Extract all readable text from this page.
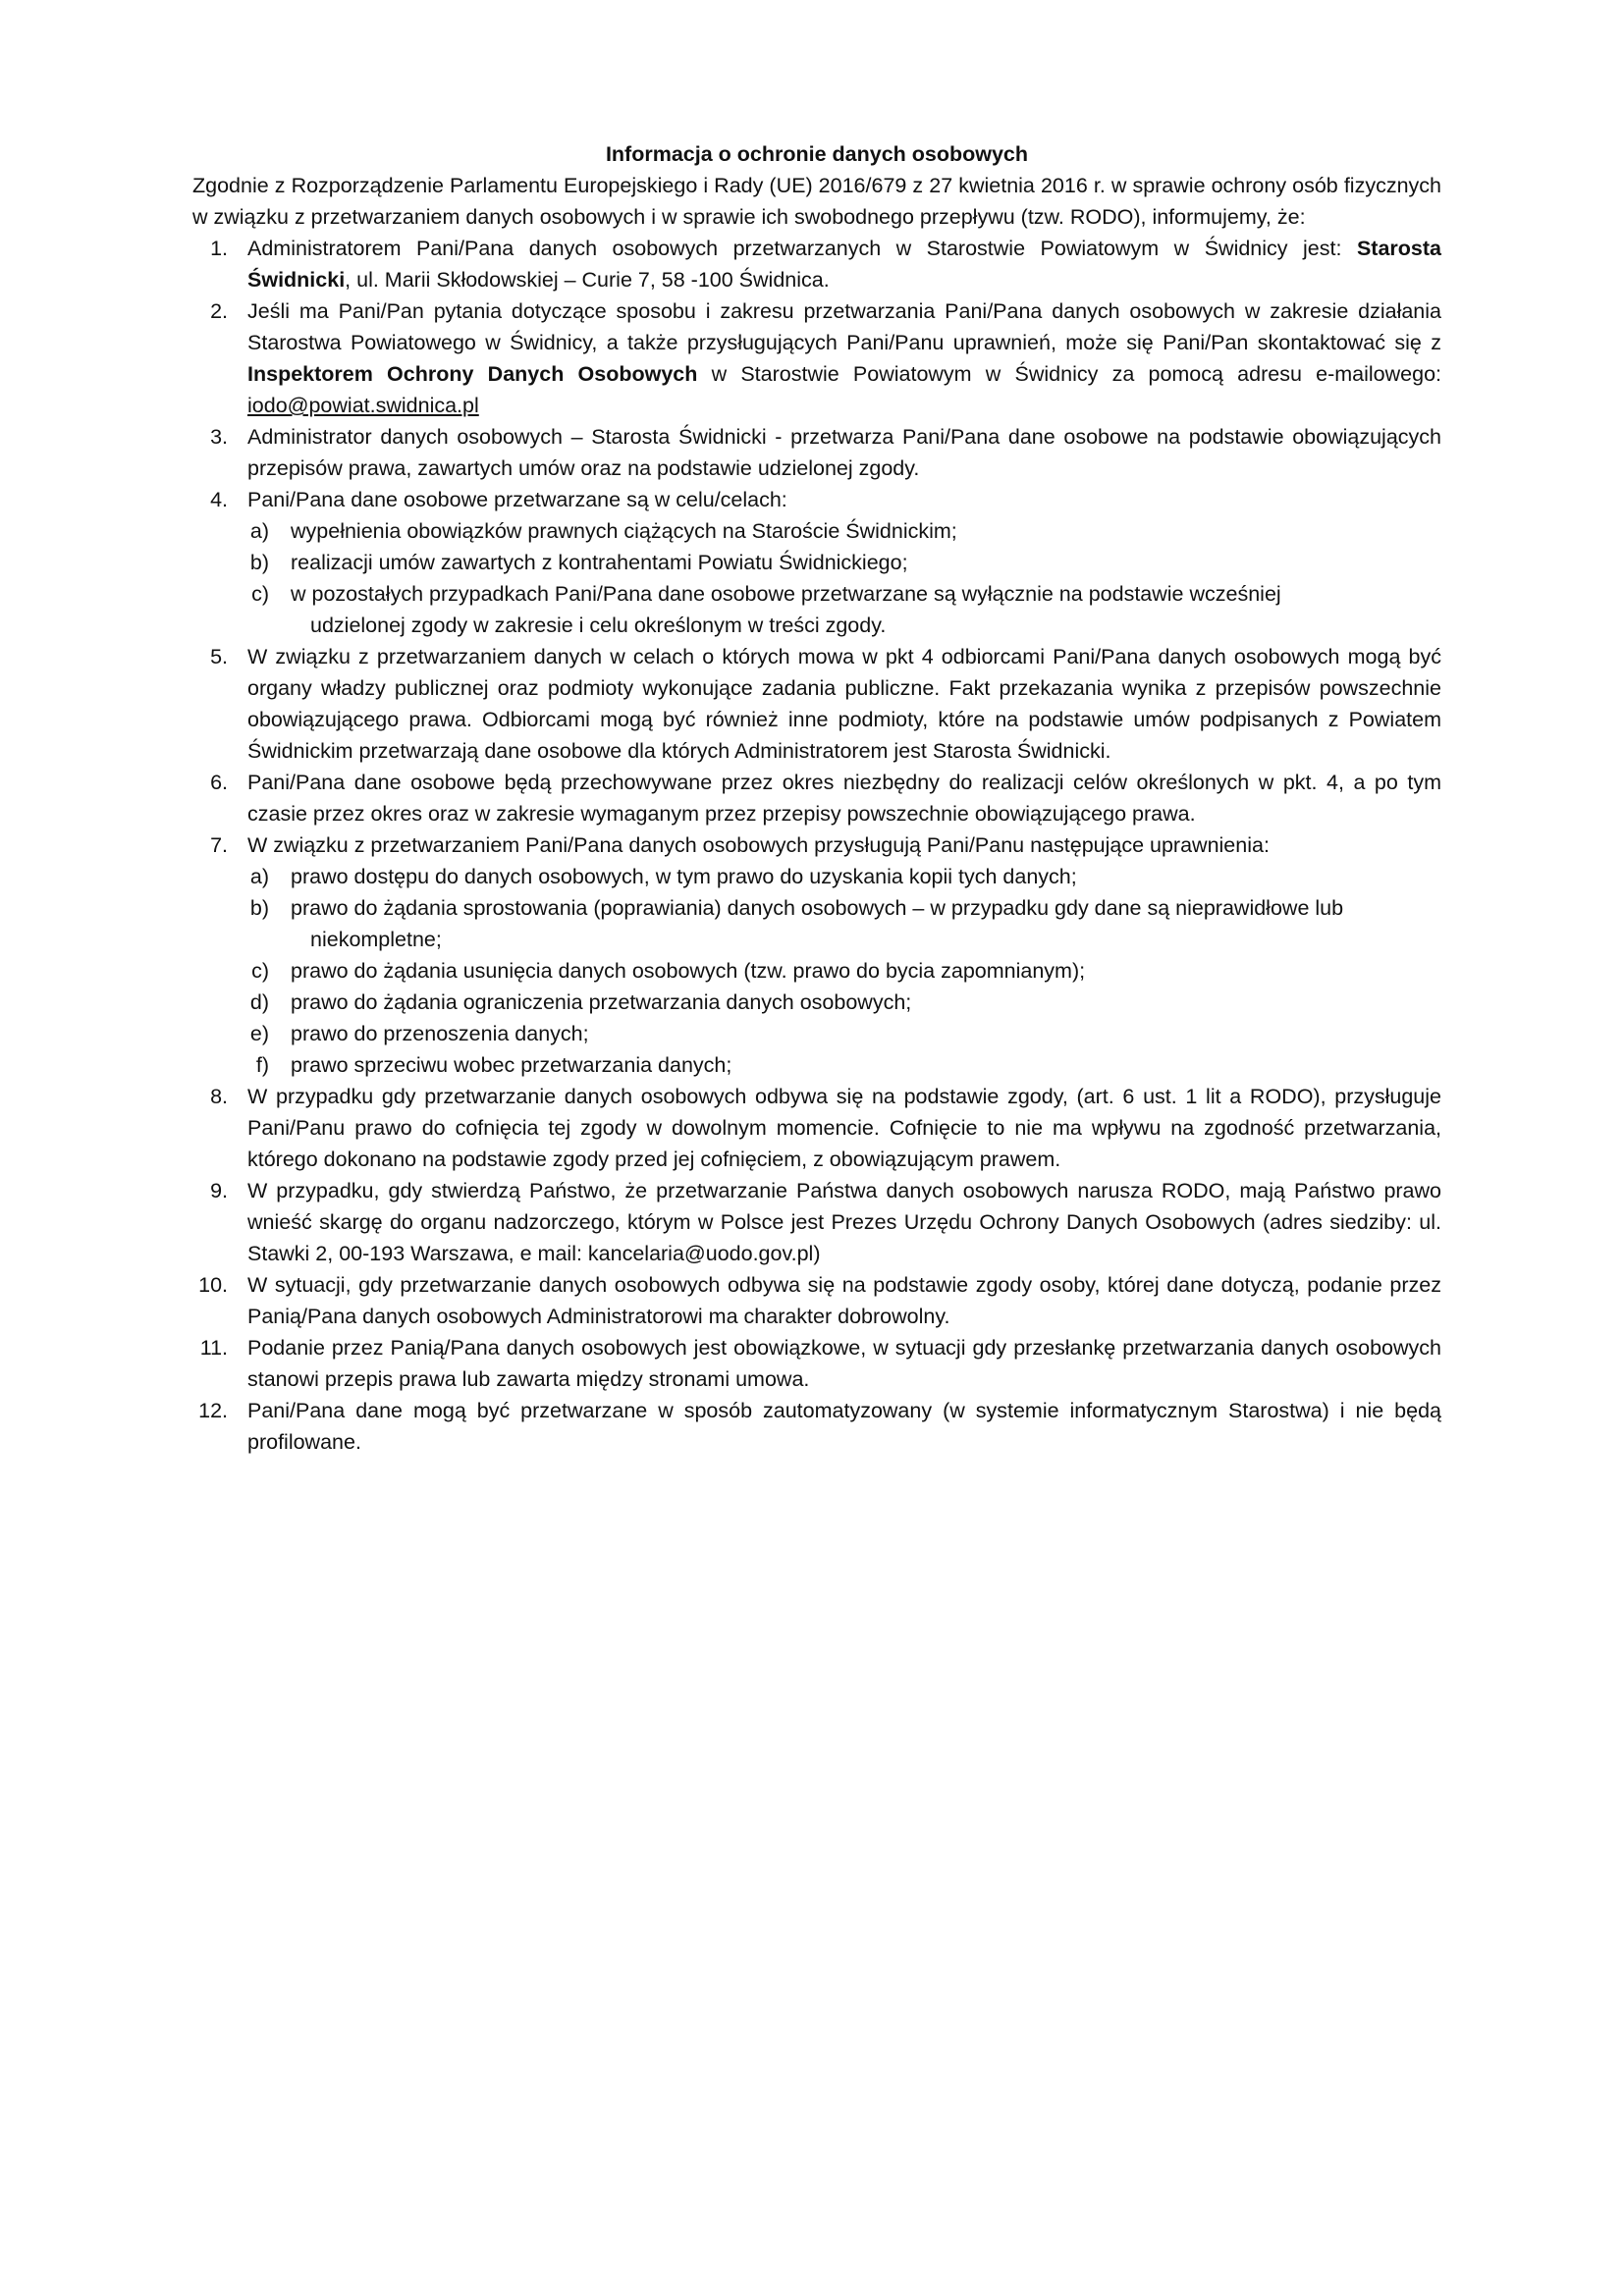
Informacja o ochronie danych osobowych

Zgodnie z Rozporządzenie Parlamentu Europejskiego i Rady (UE) 2016/679 z 27 kwietnia 2016 r. w sprawie ochrony osób fizycznych w związku z przetwarzaniem danych osobowych i w sprawie ich swobodnego przepływu (tzw. RODO), informujemy, że:

1. Administratorem Pani/Pana danych osobowych przetwarzanych w Starostwie Powiatowym w Świdnicy jest: Starosta Świdnicki, ul. Marii Skłodowskiej – Curie 7, 58 -100 Świdnica.
2. Jeśli ma Pani/Pan pytania dotyczące sposobu i zakresu przetwarzania Pani/Pana danych osobowych w zakresie działania Starostwa Powiatowego w Świdnicy, a także przysługujących Pani/Panu uprawnień, może się Pani/Pan skontaktować się z Inspektorem Ochrony Danych Osobowych w Starostwie Powiatowym w Świdnicy za pomocą adresu e-mailowego: iodo@powiat.swidnica.pl
3. Administrator danych osobowych – Starosta Świdnicki - przetwarza Pani/Pana dane osobowe na podstawie obowiązujących przepisów prawa, zawartych umów oraz na podstawie udzielonej zgody.
4. Pani/Pana dane osobowe przetwarzane są w celu/celach:
a)	wypełnienia obowiązków prawnych ciążących na Staroście Świdnickim;
b)	realizacji umów zawartych z kontrahentami Powiatu Świdnickiego;
c)	w pozostałych przypadkach Pani/Pana dane osobowe przetwarzane są wyłącznie na podstawie wcześniej
udzielonej zgody w zakresie i celu określonym w treści zgody.
5. W związku z przetwarzaniem danych w celach o których mowa w pkt 4 odbiorcami Pani/Pana danych osobowych mogą być organy władzy publicznej oraz podmioty wykonujące zadania publiczne. Fakt przekazania wynika z przepisów powszechnie obowiązującego prawa. Odbiorcami mogą być również inne podmioty, które na podstawie umów podpisanych z Powiatem Świdnickim przetwarzają dane osobowe dla których Administratorem jest Starosta Świdnicki.
6. Pani/Pana dane osobowe będą przechowywane przez okres niezbędny do realizacji celów określonych w pkt. 4, a po tym czasie przez okres oraz w zakresie wymaganym przez przepisy powszechnie obowiązującego prawa.
7. W związku z przetwarzaniem Pani/Pana danych osobowych przysługują Pani/Panu następujące uprawnienia:
a)	prawo dostępu do danych osobowych, w tym prawo do uzyskania kopii tych danych;
b)	prawo do żądania sprostowania (poprawiania) danych osobowych – w przypadku gdy dane są nieprawidłowe lub
niekompletne;
c)	prawo do żądania usunięcia danych osobowych (tzw. prawo do bycia zapomnianym);
d)	prawo do żądania ograniczenia przetwarzania danych osobowych;
e)	prawo do przenoszenia danych;
f)	prawo sprzeciwu wobec przetwarzania danych;
8. W przypadku gdy przetwarzanie danych osobowych odbywa się na podstawie zgody, (art. 6 ust. 1 lit a RODO), przysługuje Pani/Panu prawo do cofnięcia tej zgody w dowolnym momencie. Cofnięcie to nie ma wpływu na zgodność przetwarzania, którego dokonano na podstawie zgody przed jej cofnięciem, z obowiązującym prawem.
9. W przypadku, gdy stwierdzą Państwo, że przetwarzanie Państwa danych osobowych narusza RODO, mają Państwo prawo wnieść skargę do organu nadzorczego, którym w Polsce jest Prezes Urzędu Ochrony Danych Osobowych (adres siedziby: ul. Stawki 2, 00-193 Warszawa, e mail: kancelaria@uodo.gov.pl)
10. W sytuacji, gdy przetwarzanie danych osobowych odbywa się na podstawie zgody osoby, której dane dotyczą, podanie przez Panią/Pana danych osobowych Administratorowi ma charakter dobrowolny.
11. Podanie przez Panią/Pana danych osobowych jest obowiązkowe, w sytuacji gdy przesłankę przetwarzania danych osobowych stanowi przepis prawa lub zawarta między stronami umowa.
12. Pani/Pana dane mogą być przetwarzane w sposób zautomatyzowany (w systemie informatycznym Starostwa) i nie będą profilowane.
